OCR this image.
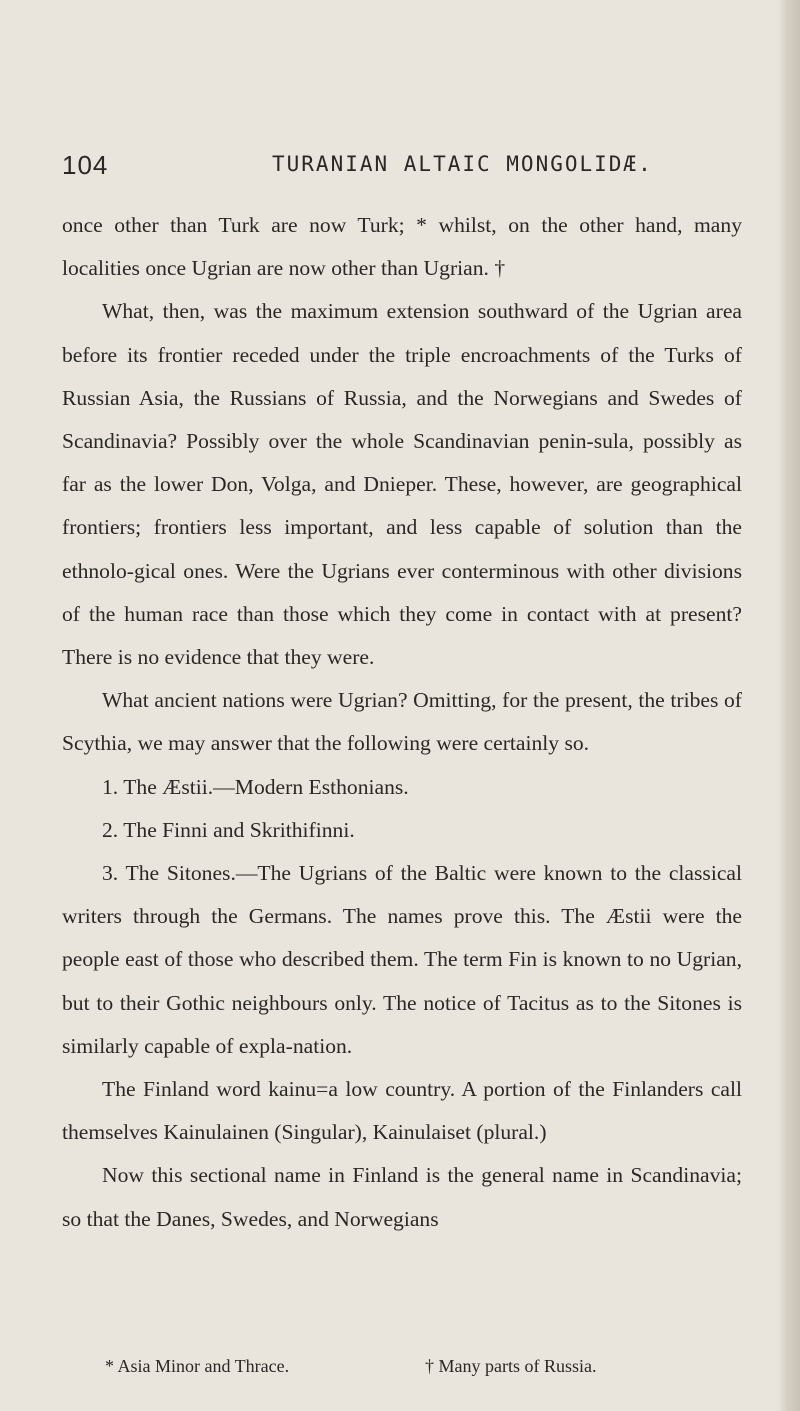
104	TURANIAN ALTAIC MONGOLIDÆ.

once other than Turk are now Turk; * whilst, on the other hand, many localities once Ugrian are now other than Ugrian. †

What, then, was the maximum extension southward of the Ugrian area before its frontier receded under the triple encroachments of the Turks of Russian Asia, the Russians of Russia, and the Norwegians and Swedes of Scandinavia? Possibly over the whole Scandinavian penin-sula, possibly as far as the lower Don, Volga, and Dnieper. These, however, are geographical frontiers; frontiers less important, and less capable of solution than the ethnolo-gical ones. Were the Ugrians ever conterminous with other divisions of the human race than those which they come in contact with at present? There is no evidence that they were.

What ancient nations were Ugrian? Omitting, for the present, the tribes of Scythia, we may answer that the following were certainly so.

1. The Æstii.—Modern Esthonians.

2. The Finni and Skrithifinni.

3. The Sitones.—The Ugrians of the Baltic were known to the classical writers through the Germans. The names prove this. The Æstii were the people east of those who described them. The term Fin is known to no Ugrian, but to their Gothic neighbours only. The notice of Tacitus as to the Sitones is similarly capable of expla-nation.

The Finland word kainu=a low country. A portion of the Finlanders call themselves Kainulainen (Singular), Kainulaiset (plural.)

Now this sectional name in Finland is the general name in Scandinavia; so that the Danes, Swedes, and Norwegians

* Asia Minor and Thrace.	† Many parts of Russia.
